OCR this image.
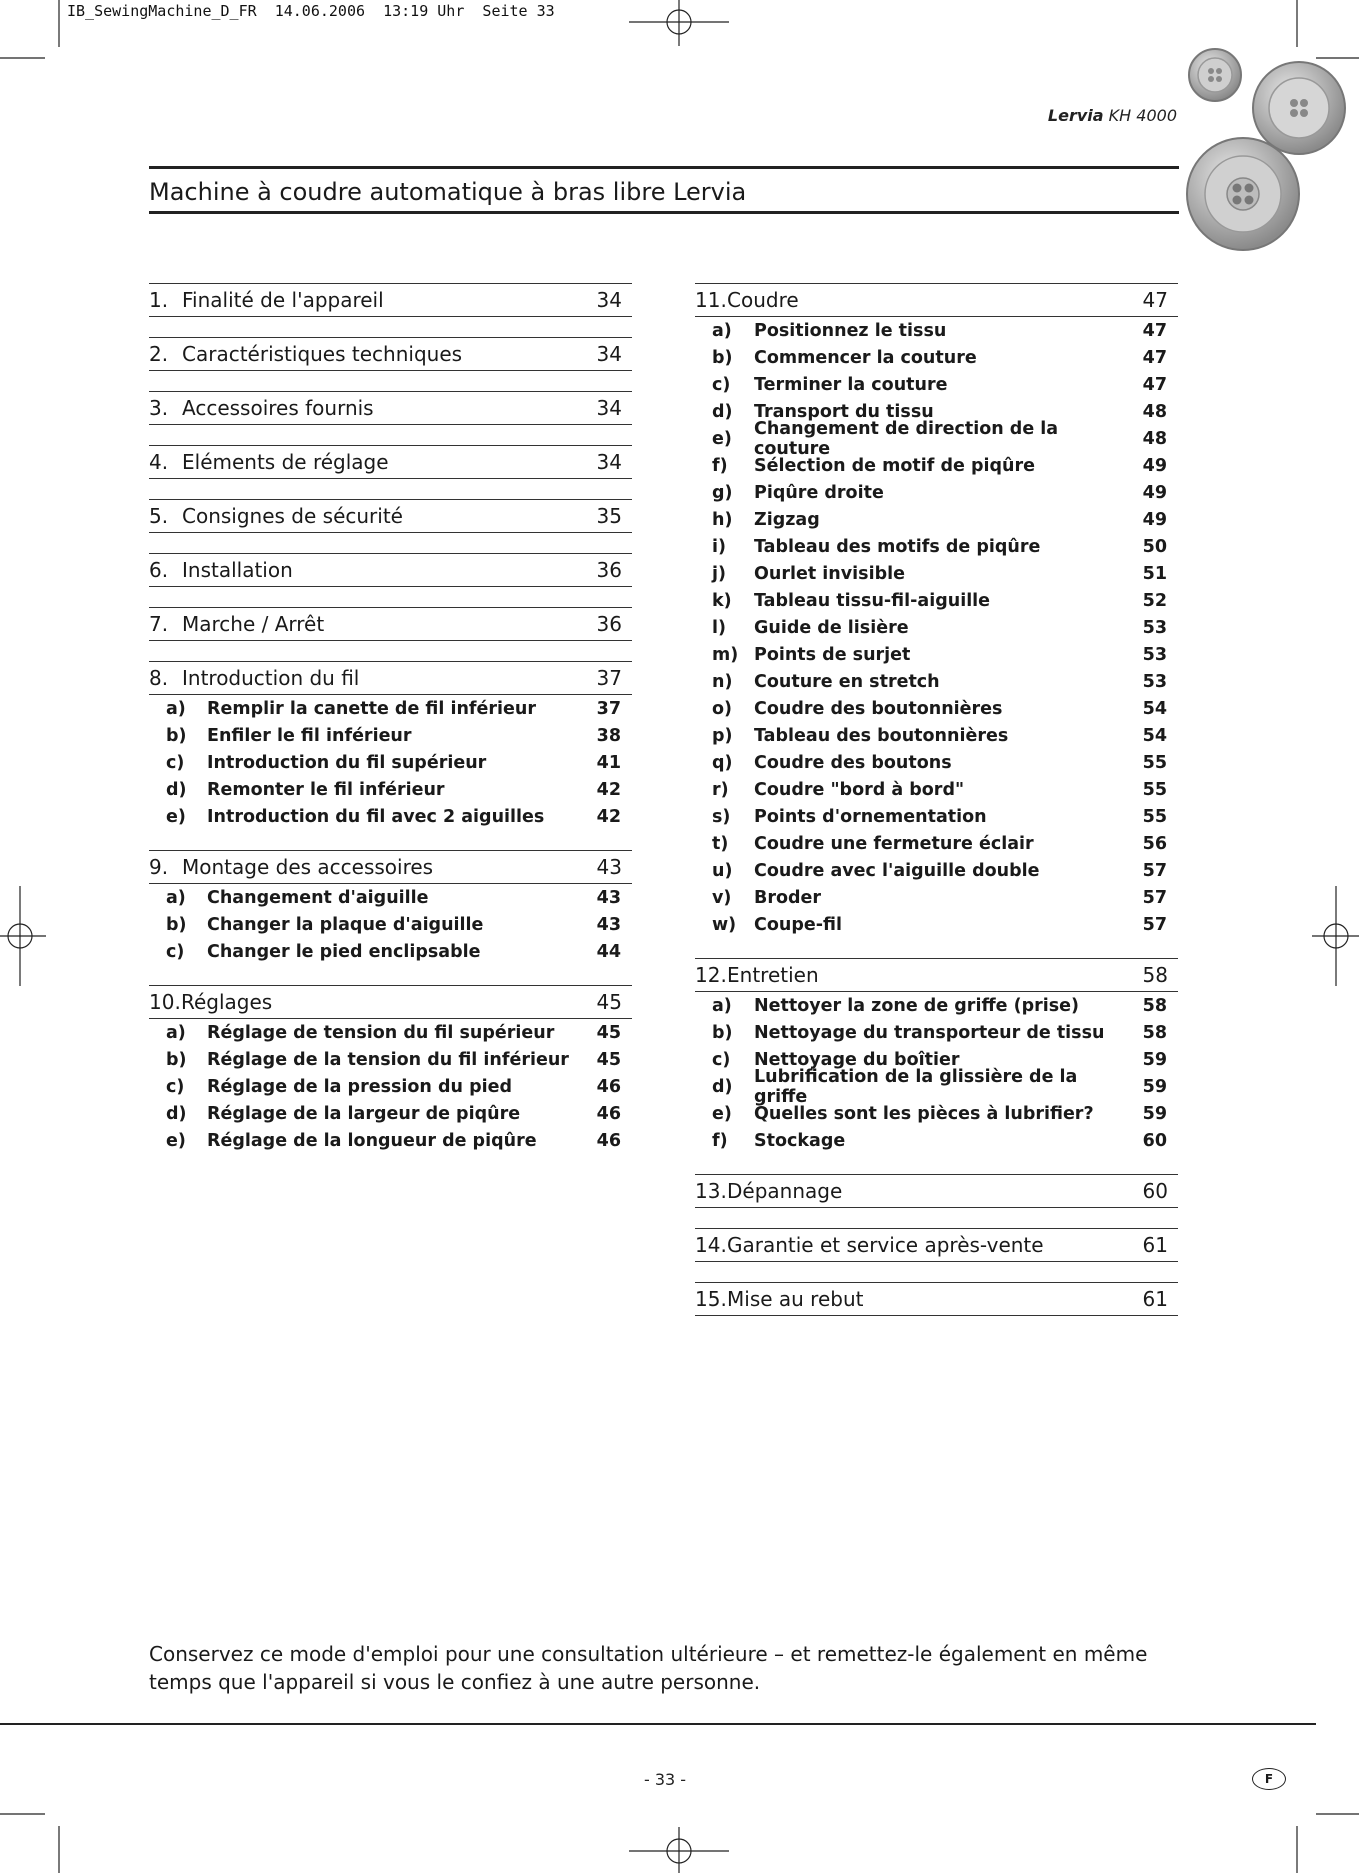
IB_SewingMachine_D_FR  14.06.2006  13:19 Uhr  Seite 33
Lervia KH 4000
Machine à coudre automatique à bras libre Lervia
1. Finalité de l'appareil	34
2. Caractéristiques techniques	34
3. Accessoires fournis	34
4. Eléments de réglage	34
5. Consignes de sécurité	35
6. Installation	36
7. Marche / Arrêt	36
8. Introduction du fil	37
a)	Remplir la canette de fil inférieur	37
b)	Enfiler le fil inférieur	38
c)	Introduction du fil supérieur	41
d)	Remonter le fil inférieur	42
e)	Introduction du fil avec 2 aiguilles	42
9. Montage des accessoires	43
a)	Changement d'aiguille	43
b)	Changer la plaque d'aiguille	43
c)	Changer le pied enclipsable	44
10. Réglages	45
a)	Réglage de tension du fil supérieur	45
b)	Réglage de la tension du fil inférieur	45
c)	Réglage de la pression du pied	46
d)	Réglage de la largeur de piqûre	46
e)	Réglage de la longueur de piqûre	46
11. Coudre	47
a)	Positionnez le tissu	47
b)	Commencer la couture	47
c)	Terminer la couture	47
d)	Transport du tissu	48
e)	Changement de direction de la couture	48
f)	Sélection de motif de piqûre	49
g)	Piqûre droite	49
h)	Zigzag	49
i)	Tableau des motifs de piqûre	50
j)	Ourlet invisible	51
k)	Tableau tissu-fil-aiguille	52
l)	Guide de lisière	53
m) Points de surjet	53
n)	Couture en stretch	53
o)	Coudre des boutonnières	54
p)	Tableau des boutonnières	54
q)	Coudre des boutons	55
r)	Coudre "bord à bord"	55
s)	Points d'ornementation	55
t)	Coudre une fermeture éclair	56
u)	Coudre avec l'aiguille double	57
v)	Broder	57
w)	Coupe-fil	57
12. Entretien	58
a)	Nettoyer la zone de griffe (prise)	58
b)	Nettoyage du transporteur de tissu	58
c)	Nettoyage du boîtier	59
d)	Lubrification de la glissière de la griffe	59
e)	Quelles sont les pièces à lubrifier?	59
f)	Stockage	60
13. Dépannage	60
14. Garantie et service après-vente	61
15. Mise au rebut	61
Conservez ce mode d'emploi pour une consultation ultérieure – et remettez-le également en même temps que l'appareil si vous le confiez à une autre personne.
- 33 -	F
